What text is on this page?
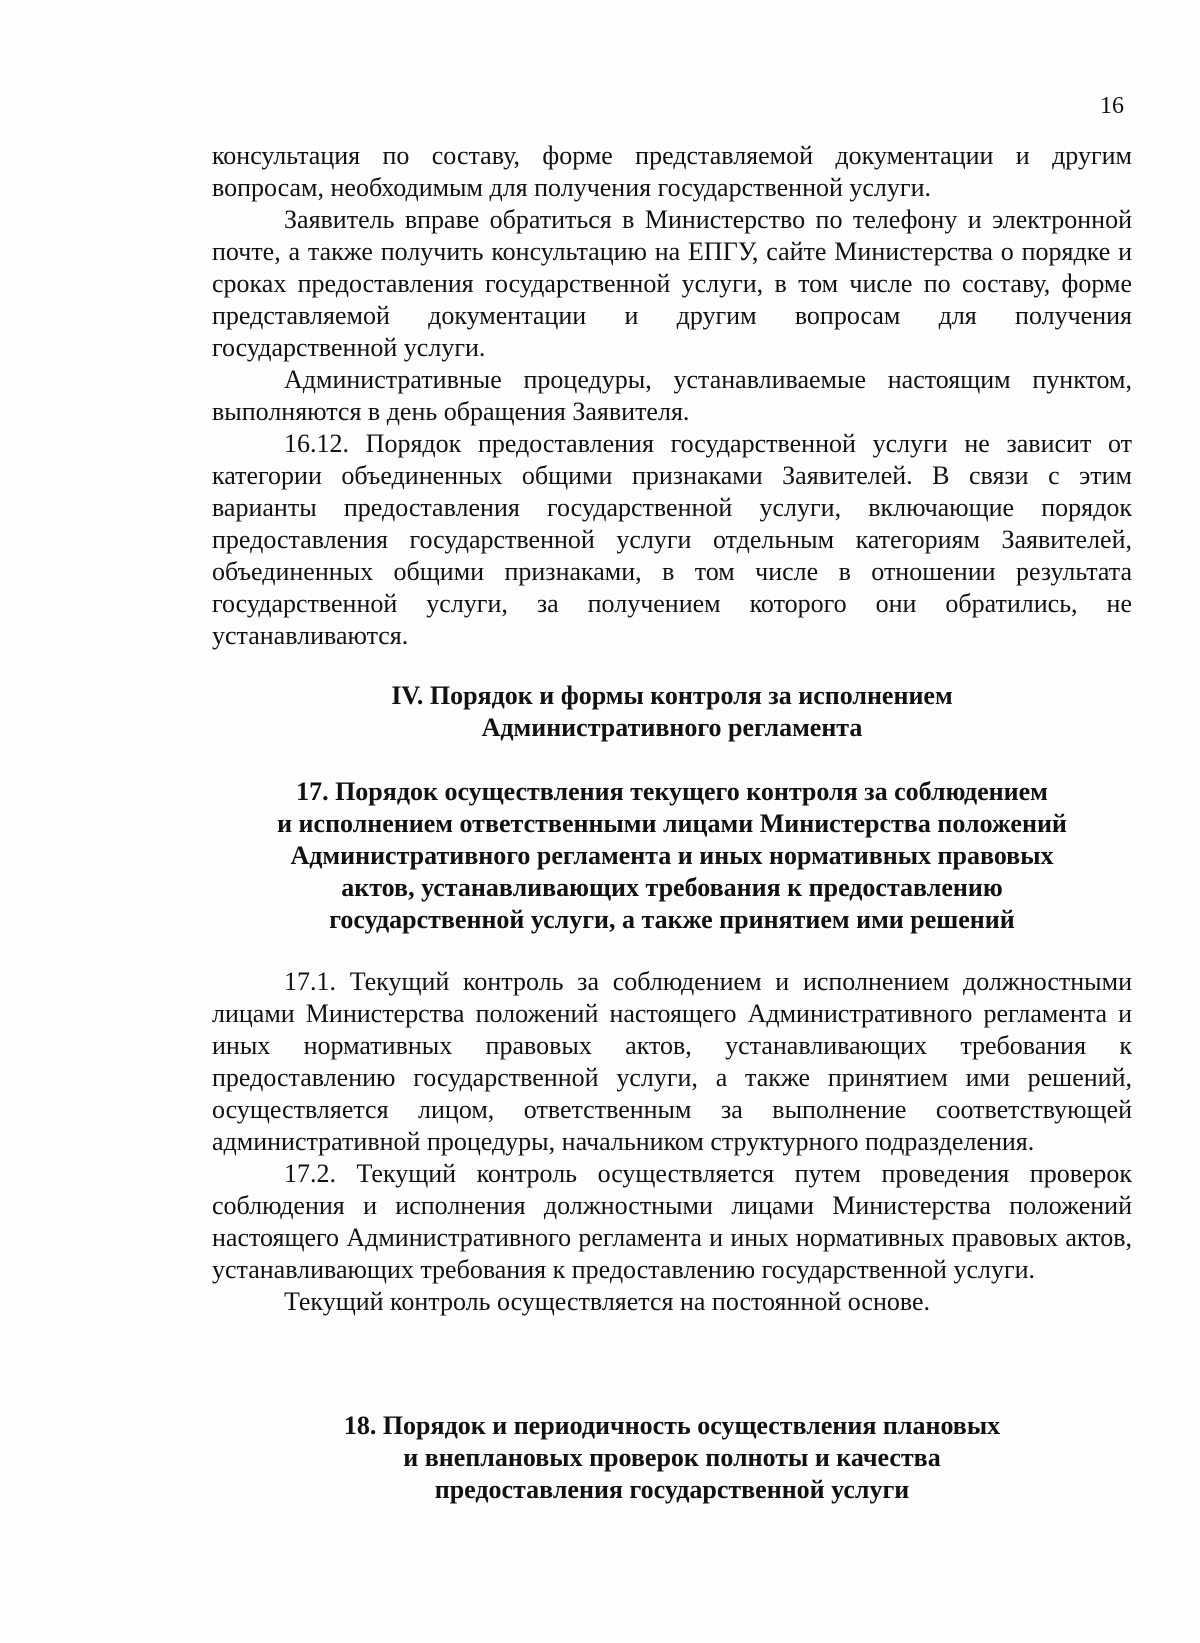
16

консультация по составу, форме представляемой документации и другим вопросам, необходимым для получения государственной услуги.

Заявитель вправе обратиться в Министерство по телефону и электронной почте, а также получить консультацию на ЕПГУ, сайте Министерства о порядке и сроках предоставления государственной услуги, в том числе по составу, форме представляемой документации и другим вопросам для получения государственной услуги.

Административные процедуры, устанавливаемые настоящим пунктом, выполняются в день обращения Заявителя.

16.12. Порядок предоставления государственной услуги не зависит от категории объединенных общими признаками Заявителей. В связи с этим варианты предоставления государственной услуги, включающие порядок предоставления государственной услуги отдельным категориям Заявителей, объединенных общими признаками, в том числе в отношении результата государственной услуги, за получением которого они обратились, не устанавливаются.

IV. Порядок и формы контроля за исполнением
Административного регламента
17. Порядок осуществления текущего контроля за соблюдением
и исполнением ответственными лицами Министерства положений
Административного регламента и иных нормативных правовых
актов, устанавливающих требования к предоставлению
государственной услуги, а также принятием ими решений

17.1. Текущий контроль за соблюдением и исполнением должностными лицами Министерства положений настоящего Административного регламента и иных нормативных правовых актов, устанавливающих требования к предоставлению государственной услуги, а также принятием ими решений, осуществляется лицом, ответственным за выполнение соответствующей административной процедуры, начальником структурного подразделения.

17.2. Текущий контроль осуществляется путем проведения проверок соблюдения и исполнения должностными лицами Министерства положений настоящего Административного регламента и иных нормативных правовых актов, устанавливающих требования к предоставлению государственной услуги.

Текущий контроль осуществляется на постоянной основе.

18. Порядок и периодичность осуществления плановых
и внеплановых проверок полноты и качества
предоставления государственной услуги
